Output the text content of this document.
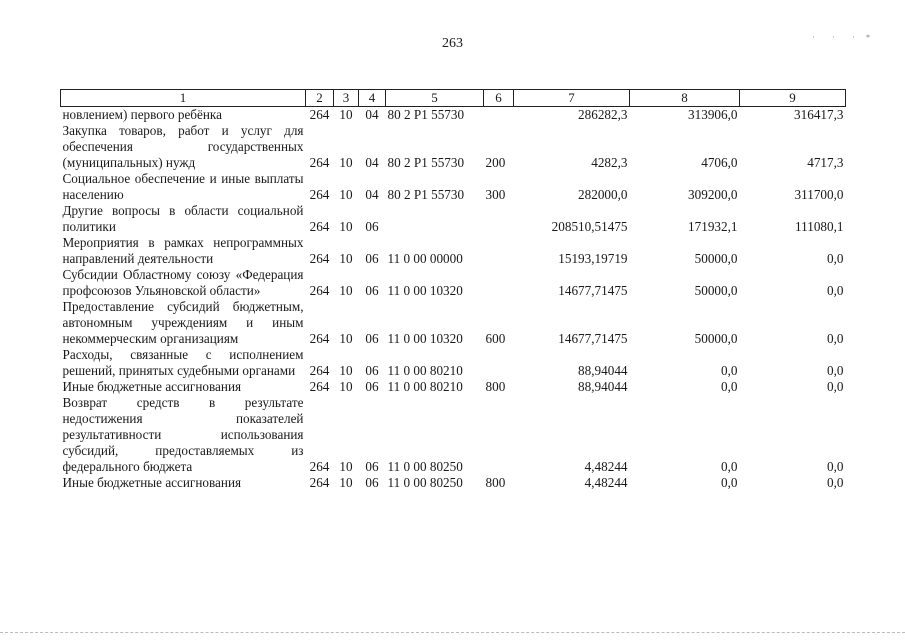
263	· · · *
1	2	3	4	5	6	7	8	9
новлением) первого ребёнка	264	10	04	80 2 P1 55730		286282,3	313906,0	316417,3
Закупка товаров, работ и услуг для обеспечения государственных (муниципальных) нужд	264	10	04	80 2 P1 55730	200	4282,3	4706,0	4717,3
Социальное обеспечение и иные выплаты населению	264	10	04	80 2 P1 55730	300	282000,0	309200,0	311700,0
Другие вопросы в области социальной политики	264	10	06			208510,51475	171932,1	111080,1
Мероприятия в рамках непрограммных направлений деятельности	264	10	06	11 0 00 00000		15193,19719	50000,0	0,0
Субсидии Областному союзу «Федерация профсоюзов Ульяновской области»	264	10	06	11 0 00 10320		14677,71475	50000,0	0,0
Предоставление субсидий бюджетным, автономным учреждениям и иным некоммерческим организациям	264	10	06	11 0 00 10320	600	14677,71475	50000,0	0,0
Расходы, связанные с исполнением решений, принятых судебными органами	264	10	06	11 0 00 80210		88,94044	0,0	0,0
Иные бюджетные ассигнования	264	10	06	11 0 00 80210	800	88,94044	0,0	0,0
Возврат средств в результате недостижения показателей результативности использования субсидий, предоставляемых из федерального бюджета	264	10	06	11 0 00 80250		4,48244	0,0	0,0
Иные бюджетные ассигнования	264	10	06	11 0 00 80250	800	4,48244	0,0	0,0
